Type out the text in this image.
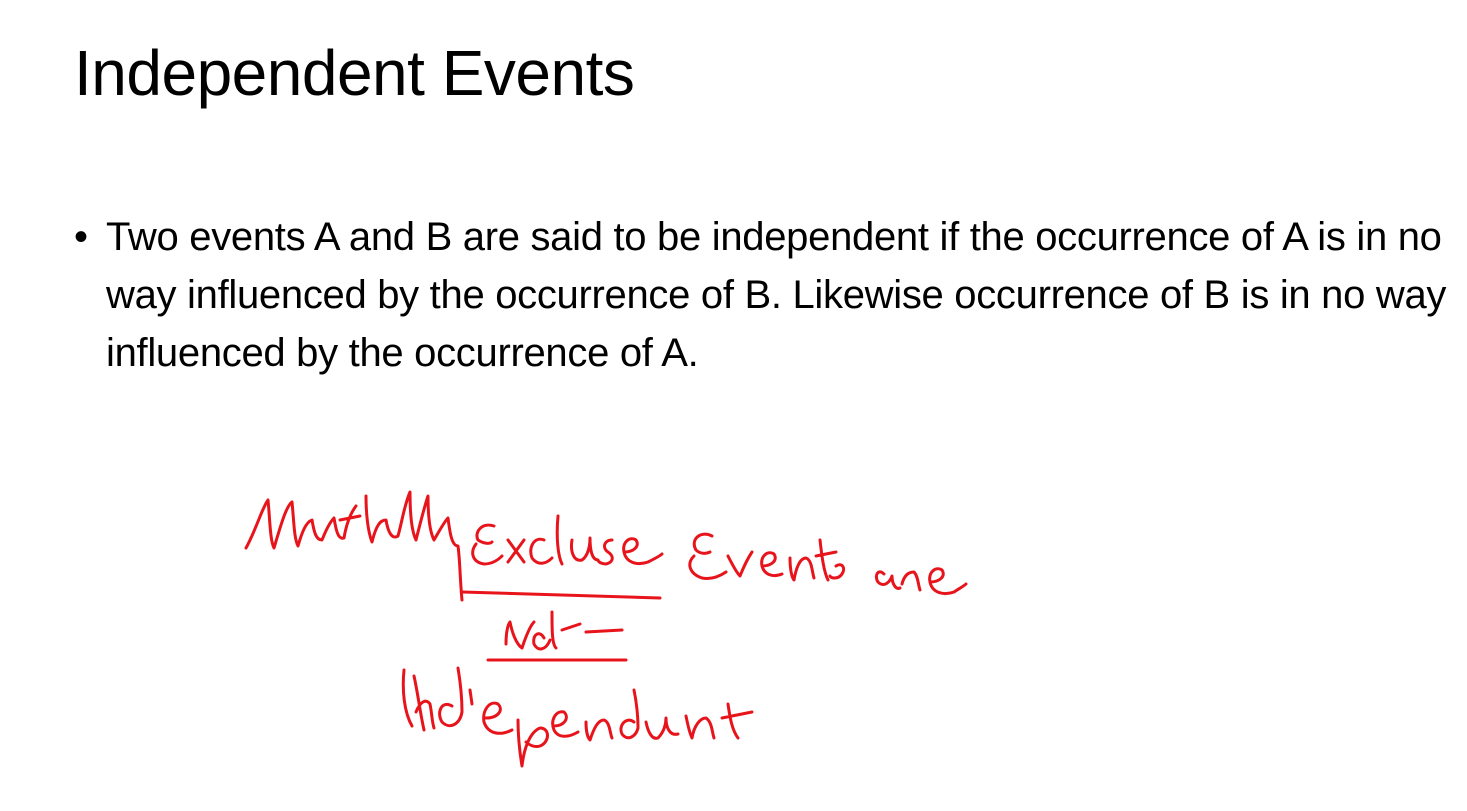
Independent Events
• Two events A and B are said to be independent if the occurrence of A is in no way influenced by the occurrence of B. Likewise occurrence of B is in no way influenced by the occurrence of A.
